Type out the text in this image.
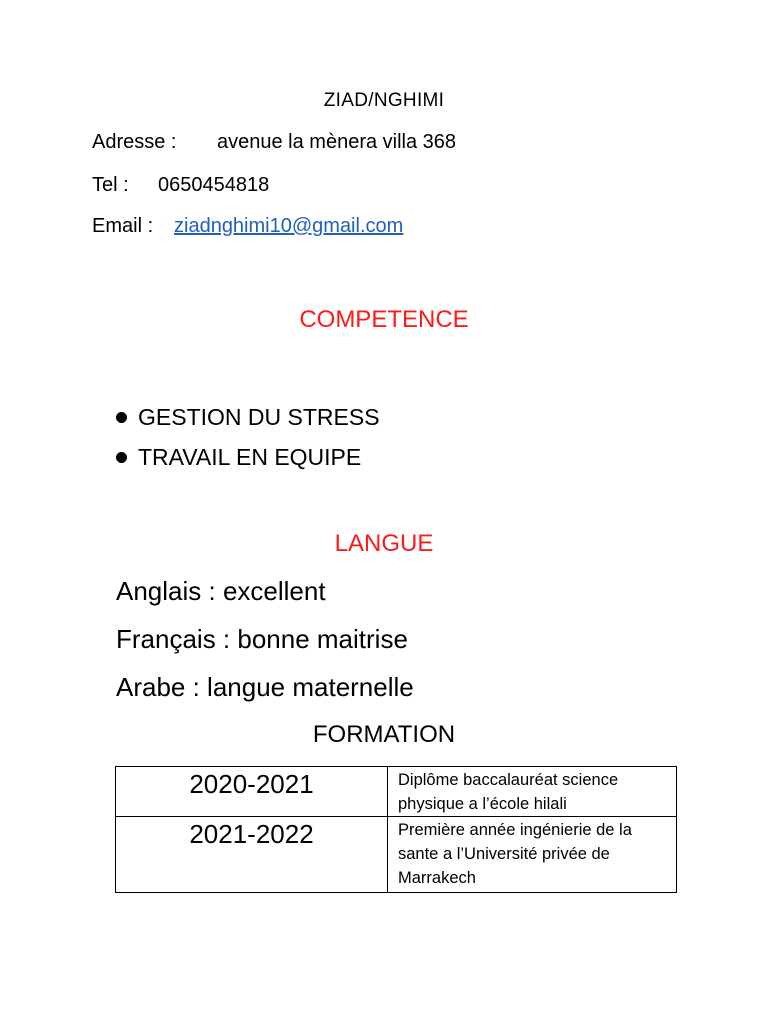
ZIAD/NGHIMI
Adresse : avenue la mènera villa 368
Tel : 0650454818
Email : ziadnghimi10@gmail.com
COMPETENCE
GESTION DU STRESS
TRAVAIL EN EQUIPE
LANGUE
Anglais : excellent
Français : bonne maitrise
Arabe : langue maternelle
FORMATION
2020-2021	Diplôme baccalauréat science physique a l’école hilali
2021-2022	Première année ingénierie de la sante a l’Université privée de Marrakech
